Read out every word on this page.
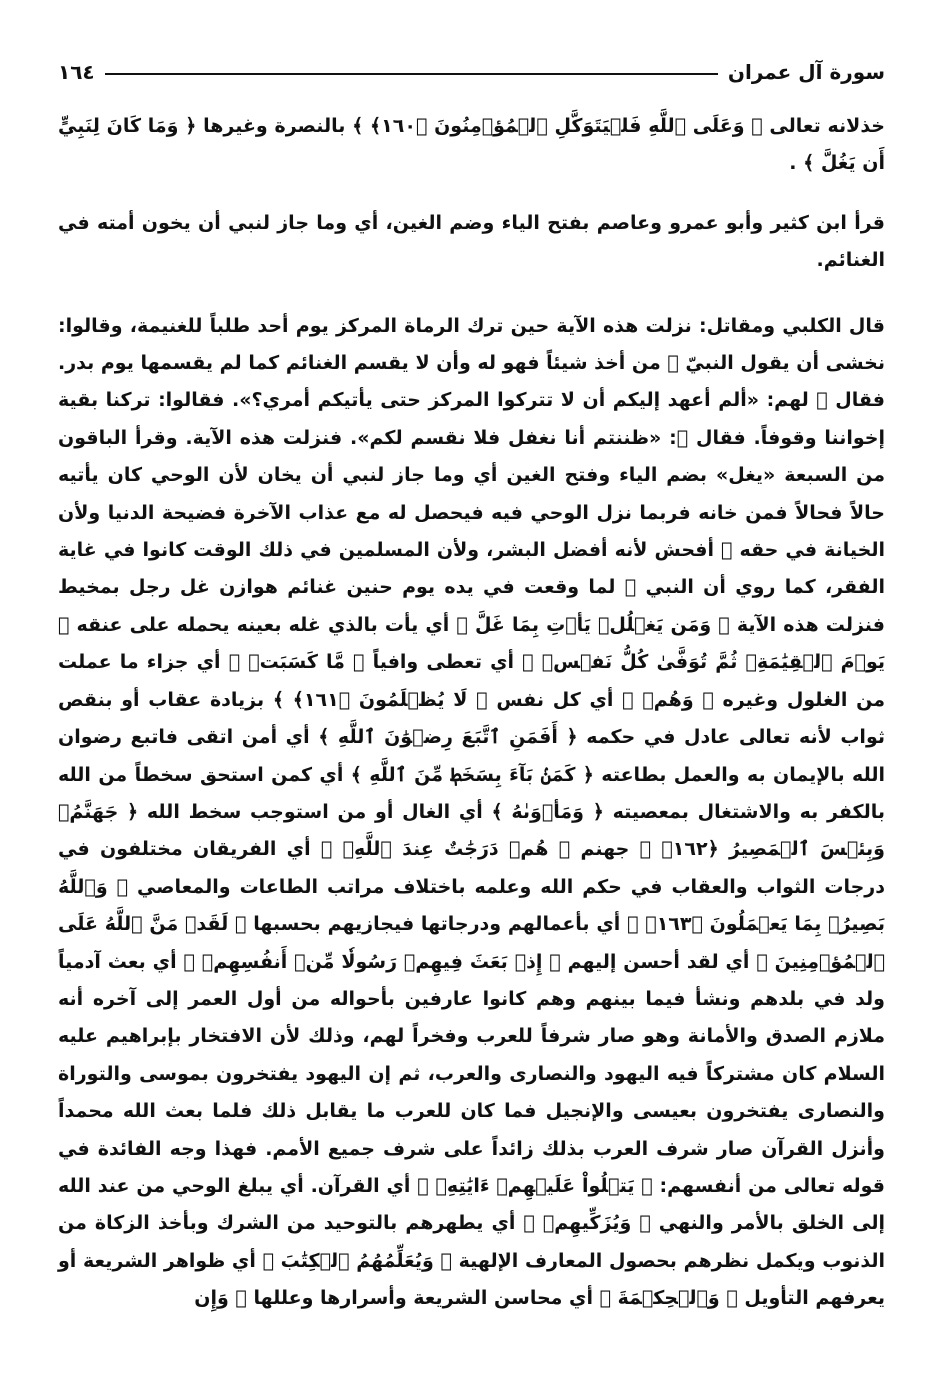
سورة آل عمران
١٦٤

خذلانه تعالى ﴿ وَعَلَى ٱللَّهِ فَلۡيَتَوَكَّلِ ٱلۡمُؤۡمِنُونَ ﴿١٦٠﴾ ﴾ بالنصرة وغيرها ﴿ وَمَا كَانَ لِنَبِيٍّ أَن يَغُلَّ ﴾ .

قرأ ابن كثير وأبو عمرو وعاصم بفتح الياء وضم الغين، أي وما جاز لنبي أن يخون أمته في الغنائم.

قال الكلبي ومقاتل: نزلت هذه الآية حين ترك الرماة المركز يوم أحد طلباً للغنيمة، وقالوا: نخشى أن يقول النبيّ ﷺ من أخذ شيئاً فهو له وأن لا يقسم الغنائم كما لم يقسمها يوم بدر. فقال ﷺ لهم: «ألم أعهد إليكم أن لا تتركوا المركز حتى يأتيكم أمري؟». فقالوا: تركنا بقية إخواننا وقوفاً. فقال ﷺ: «ظننتم أنا نغفل فلا نقسم لكم». فنزلت هذه الآية. وقرأ الباقون من السبعة «يغل» بضم الياء وفتح الغين أي وما جاز لنبي أن يخان لأن الوحي كان يأتيه حالاً فحالاً فمن خانه فربما نزل الوحي فيه فيحصل له مع عذاب الآخرة فضيحة الدنيا ولأن الخيانة في حقه ﷺ أفحش لأنه أفضل البشر، ولأن المسلمين في ذلك الوقت كانوا في غاية الفقر، كما روي أن النبي ﷺ لما وقعت في يده يوم حنين غنائم هوازن غل رجل بمخيط فنزلت هذه الآية ﴿ وَمَن يَغۡلُلۡ يَأۡتِ بِمَا غَلَّ ﴾ أي يأت بالذي غله بعينه يحمله على عنقه ﴿ يَوۡمَ ٱلۡقِيَٰمَةِۚ ثُمَّ تُوَفَّىٰ كُلُّ نَفۡسٖ ﴾ أي تعطى وافياً ﴿ مَّا كَسَبَتۡ ﴾ أي جزاء ما عملت من الغلول وغيره ﴿ وَهُمۡ ﴾ أي كل نفس ﴿ لَا يُظۡلَمُونَ ﴿١٦١﴾ ﴾ بزيادة عقاب أو بنقص ثواب لأنه تعالى عادل في حكمه ﴿ أَفَمَنِ ٱتَّبَعَ رِضۡوَٰنَ ٱللَّهِ ﴾ أي أمن اتقى فاتبع رضوان الله بالإيمان به والعمل بطاعته ﴿ كَمَنۢ بَآءَ بِسَخَطٖ مِّنَ ٱللَّهِ ﴾ أي كمن استحق سخطاً من الله بالكفر به والاشتغال بمعصيته ﴿ وَمَأۡوَىٰهُ ﴾ أي الغال أو من استوجب سخط الله ﴿ جَهَنَّمُۖ وَبِئۡسَ ٱلۡمَصِيرُ ﴿١٦٢﴾ ﴾ جهنم ﴿ هُمۡ دَرَجَٰتٌ عِندَ ٱللَّهِۗ ﴾ أي الفريقان مختلفون في درجات الثواب والعقاب في حكم الله وعلمه باختلاف مراتب الطاعات والمعاصي ﴿ وَٱللَّهُ بَصِيرُۢ بِمَا يَعۡمَلُونَ ﴿١٦٣﴾ ﴾ أي بأعمالهم ودرجاتها فيجازيهم بحسبها ﴿ لَقَدۡ مَنَّ ٱللَّهُ عَلَى ٱلۡمُؤۡمِنِينَ ﴾ أي لقد أحسن إليهم ﴿ إِذۡ بَعَثَ فِيهِمۡ رَسُولٗا مِّنۡ أَنفُسِهِمۡ ﴾ أي بعث آدمياً ولد في بلدهم ونشأ فيما بينهم وهم كانوا عارفين بأحواله من أول العمر إلى آخره أنه ملازم الصدق والأمانة وهو صار شرفاً للعرب وفخراً لهم، وذلك لأن الافتخار بإبراهيم عليه السلام كان مشتركاً فيه اليهود والنصارى والعرب، ثم إن اليهود يفتخرون بموسى والتوراة والنصارى يفتخرون بعيسى والإنجيل فما كان للعرب ما يقابل ذلك فلما بعث الله محمداً وأنزل القرآن صار شرف العرب بذلك زائداً على شرف جميع الأمم. فهذا وجه الفائدة في قوله تعالى من أنفسهم: ﴿ يَتۡلُواْ عَلَيۡهِمۡ ءَايَٰتِهِۦ ﴾ أي القرآن. أي يبلغ الوحي من عند الله إلى الخلق بالأمر والنهي ﴿ وَيُزَكِّيهِمۡ ﴾ أي يطهرهم بالتوحيد من الشرك وبأخذ الزكاة من الذنوب ويكمل نظرهم بحصول المعارف الإلهية ﴿ وَيُعَلِّمُهُمُ ٱلۡكِتَٰبَ ﴾ أي ظواهر الشريعة أو يعرفهم التأويل ﴿ وَٱلۡحِكۡمَةَ ﴾ أي محاسن الشريعة وأسرارها وعللها ﴿ وَإِن
